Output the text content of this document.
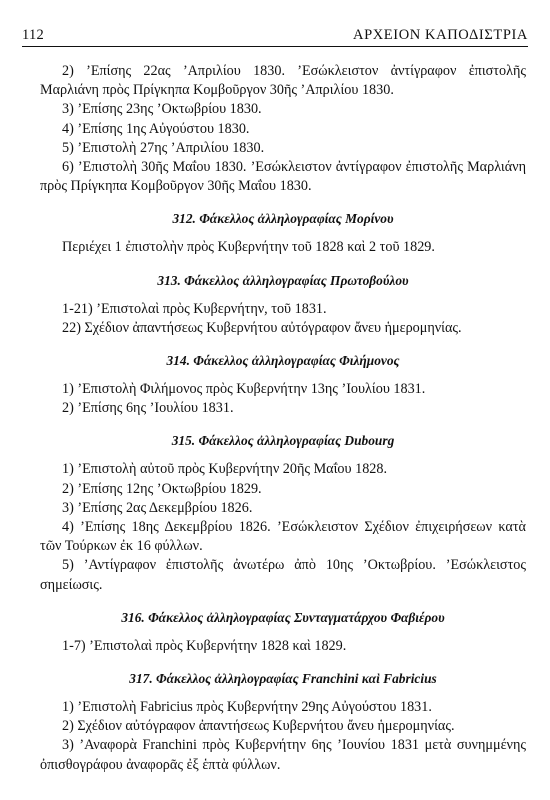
112	ΑΡΧΕΙΟΝ ΚΑΠΟΔΙΣΤΡΙΑ

2) ’Επίσης 22ας ’Απριλίου 1830. ’Εσώκλειστον ἀντίγραφον ἐπιστολῆς Μαρλιάνη πρὸς Πρίγκηπα Κομβοῦργον 30ῆς ’Απριλίου 1830.

3) ’Επίσης 23ης ’Οκτωβρίου 1830.

4) ’Επίσης 1ης Αὐγούστου 1830.

5) ’Επιστολὴ 27ης ’Απριλίου 1830.

6) ’Επιστολὴ 30ῆς Μαΐου 1830. ’Εσώκλειστον ἀντίγραφον ἐπιστολῆς Μαρλιάνη πρὸς Πρίγκηπα Κομβοῦργον 30ῆς Μαΐου 1830.

312. Φάκελλος ἀλληλογραφίας Μορίνου

Περιέχει 1 ἐπιστολὴν πρὸς Κυβερνήτην τοῦ 1828 καὶ 2 τοῦ 1829.

313. Φάκελλος ἀλληλογραφίας Πρωτοβούλου

1-21) ’Επιστολαὶ πρὸς Κυβερνήτην, τοῦ 1831.

22) Σχέδιον ἀπαντήσεως Κυβερνήτου αὐτόγραφον ἄνευ ἡμερομηνίας.

314. Φάκελλος ἀλληλογραφίας Φιλήμονος

1) ’Επιστολὴ Φιλήμονος πρὸς Κυβερνήτην 13ης ’Ιουλίου 1831.

2) ’Επίσης 6ης ’Ιουλίου 1831.

315. Φάκελλος ἀλληλογραφίας Dubourg

1) ’Επιστολὴ αὐτοῦ πρὸς Κυβερνήτην 20ῆς Μαΐου 1828.

2) ’Επίσης 12ης ’Οκτωβρίου 1829.

3) ’Επίσης 2ας Δεκεμβρίου 1826.

4) ’Επίσης 18ης Δεκεμβρίου 1826. ’Εσώκλειστον Σχέδιον ἐπιχειρήσεων κατὰ τῶν Τούρκων ἐκ 16 φύλλων.

5) ’Αντίγραφον ἐπιστολῆς ἀνωτέρω ἀπὸ 10ης ’Οκτωβρίου. ’Εσώκλειστος σημείωσις.

316. Φάκελλος ἀλληλογραφίας Συνταγματάρχου Φαβιέρου

1-7) ’Επιστολαὶ πρὸς Κυβερνήτην 1828 καὶ 1829.

317. Φάκελλος ἀλληλογραφίας Franchini καὶ Fabricius

1) ’Επιστολὴ Fabricius πρὸς Κυβερνήτην 29ης Αὐγούστου 1831.

2) Σχέδιον αὐτόγραφον ἀπαντήσεως Κυβερνήτου ἄνευ ἡμερομηνίας.

3) ’Αναφορὰ Franchini πρὸς Κυβερνήτην 6ης ’Ιουνίου 1831 μετὰ συνημμένης ὀπισθογράφου ἀναφορᾶς ἐξ ἑπτὰ φύλλων.
